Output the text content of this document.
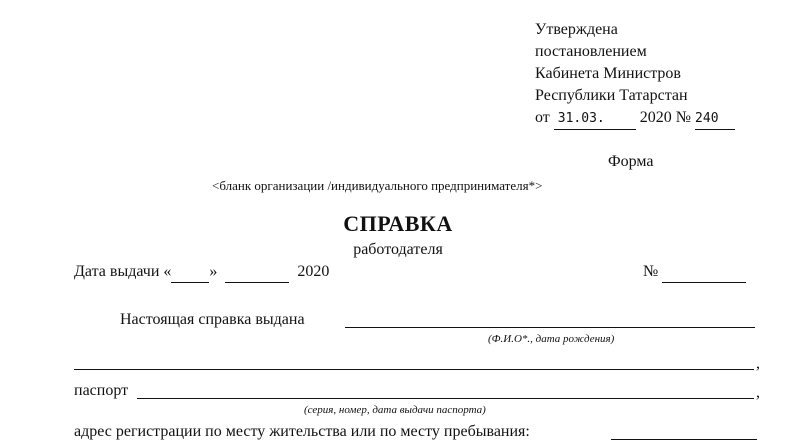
Утверждена
постановлением
Кабинета Министров
Республики Татарстан
от 31.03. 2020 № 240
Форма
<бланк организации /индивидуального предпринимателя*>
СПРАВКА
работодателя
Дата выдачи « »	2020	№
Настоящая справка выдана
(Ф.И.О*., дата рождения)
,
паспорт	,
(серия, номер, дата выдачи паспорта)
адрес регистрации по месту жительства или по месту пребывания:
